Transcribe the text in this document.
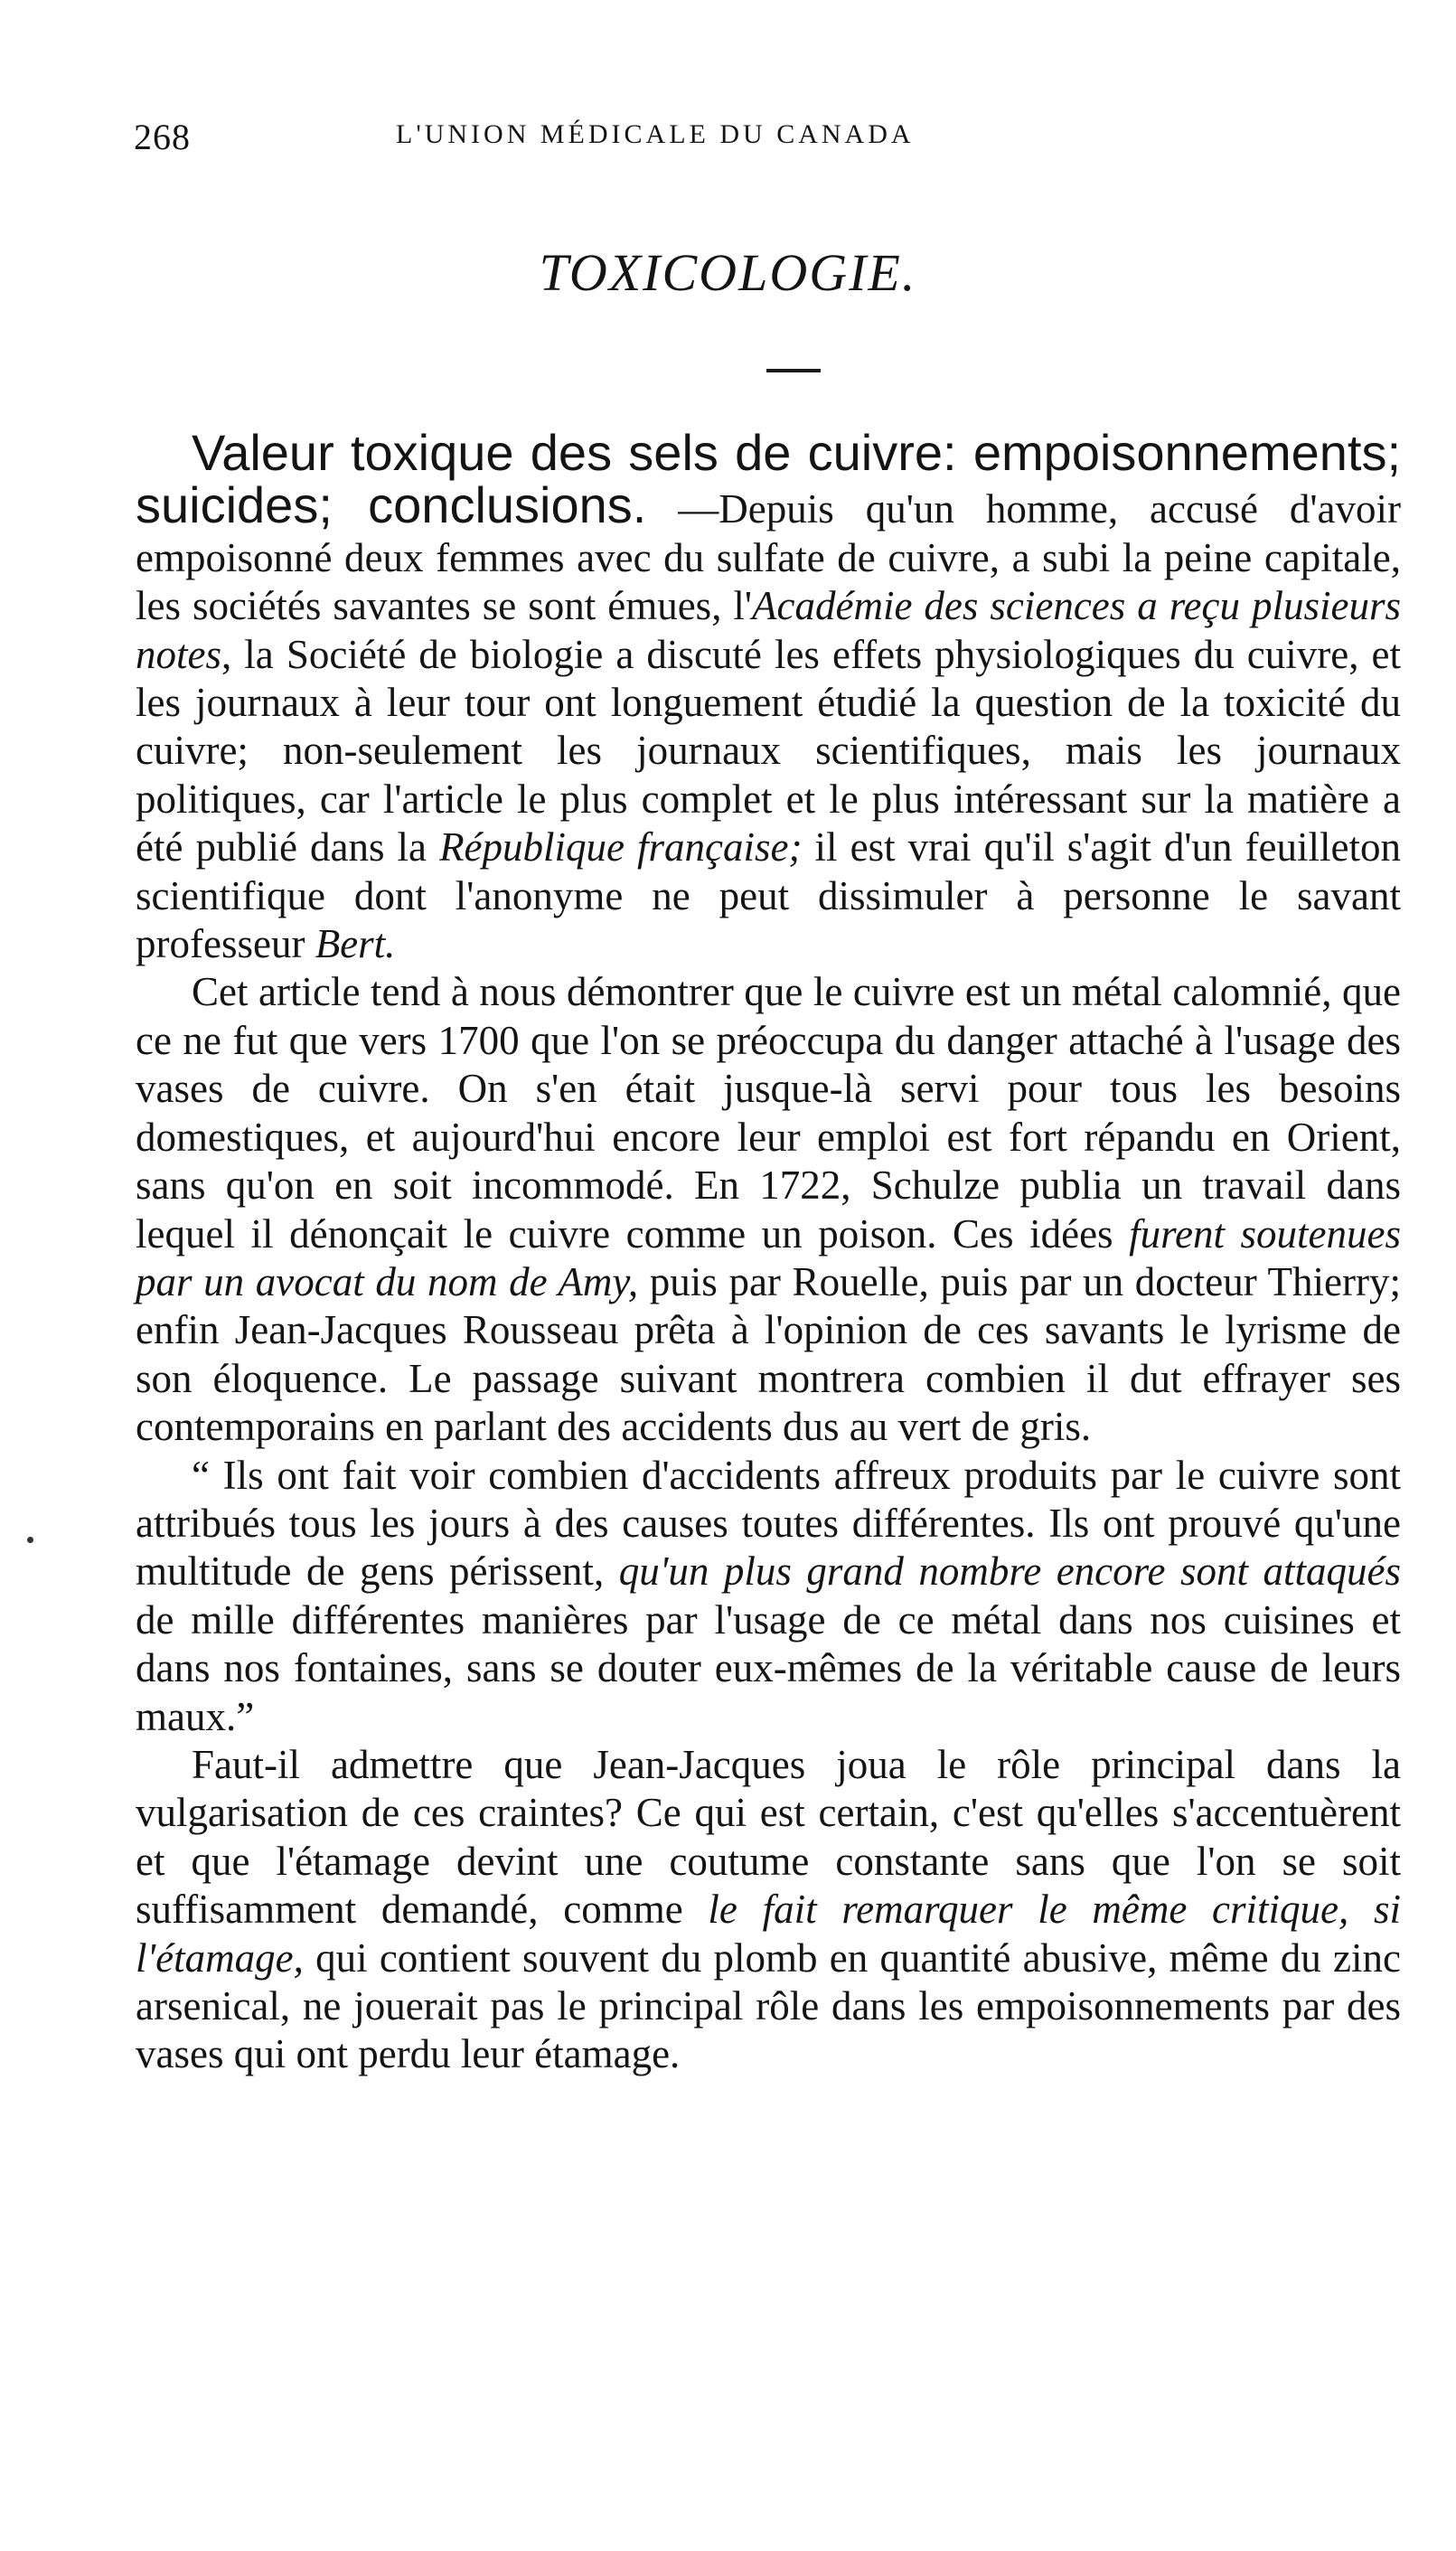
268	L'UNION MÉDICALE DU CANADA
TOXICOLOGIE.

Valeur toxique des sels de cuivre: empoisonnements; suicides; conclusions. —Depuis qu'un homme, accusé d'avoir empoisonné deux femmes avec du sulfate de cuivre, a subi la peine capitale, les sociétés savantes se sont émues, l'Académie des sciences a reçu plusieurs notes, la Société de biologie a discuté les effets physiologiques du cuivre, et les journaux à leur tour ont longuement étudié la question de la toxicité du cuivre; non-seulement les journaux scientifiques, mais les journaux politiques, car l'article le plus complet et le plus intéressant sur la matière a été publié dans la République française; il est vrai qu'il s'agit d'un feuilleton scientifique dont l'anonyme ne peut dissimuler à personne le savant professeur Bert.

Cet article tend à nous démontrer que le cuivre est un métal calomnié, que ce ne fut que vers 1700 que l'on se préoccupa du danger attaché à l'usage des vases de cuivre. On s'en était jusque-là servi pour tous les besoins domestiques, et aujourd'hui encore leur emploi est fort répandu en Orient, sans qu'on en soit incommodé. En 1722, Schulze publia un travail dans lequel il dénonçait le cuivre comme un poison. Ces idées furent soutenues par un avocat du nom de Amy, puis par Rouelle, puis par un docteur Thierry; enfin Jean-Jacques Rousseau prêta à l'opinion de ces savants le lyrisme de son éloquence. Le passage suivant montrera combien il dut effrayer ses contemporains en parlant des accidents dus au vert de gris.

“ Ils ont fait voir combien d'accidents affreux produits par le cuivre sont attribués tous les jours à des causes toutes différentes. Ils ont prouvé qu'une multitude de gens périssent, qu'un plus grand nombre encore sont attaqués de mille différentes manières par l'usage de ce métal dans nos cuisines et dans nos fontaines, sans se douter eux-mêmes de la véritable cause de leurs maux.”

Faut-il admettre que Jean-Jacques joua le rôle principal dans la vulgarisation de ces craintes? Ce qui est certain, c'est qu'elles s'accentuèrent et que l'étamage devint une coutume constante sans que l'on se soit suffisamment demandé, comme le fait remarquer le même critique, si l'étamage, qui contient souvent du plomb en quantité abusive, même du zinc arsenical, ne jouerait pas le principal rôle dans les empoisonnements par des vases qui ont perdu leur étamage.
